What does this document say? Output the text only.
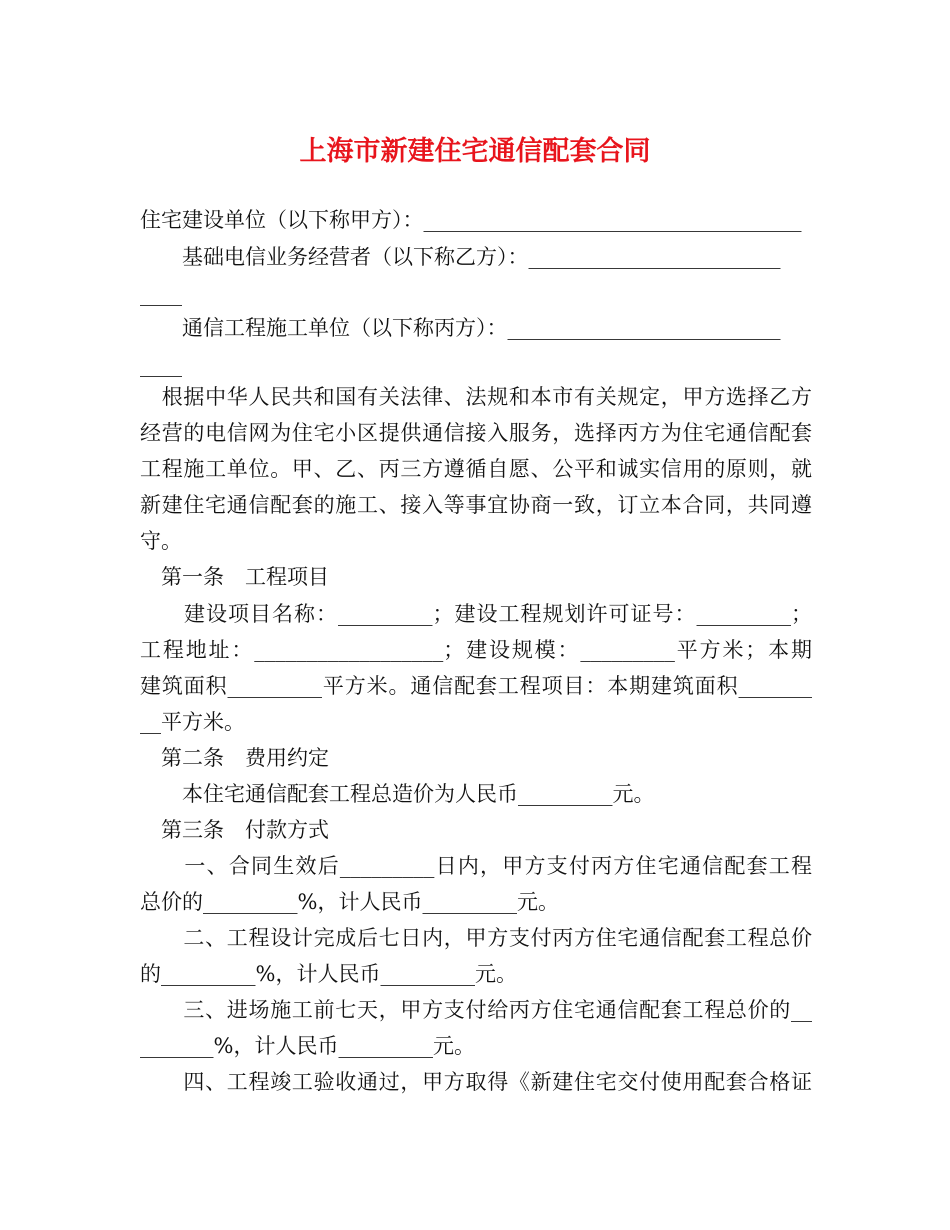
上海市新建住宅通信配套合同
住宅建设单位（以下称甲方）：____________________________________
　　基础电信业务经营者（以下称乙方）：________________________
____
　　通信工程施工单位（以下称丙方）：__________________________
____
　根据中华人民共和国有关法律、法规和本市有关规定，甲方选择乙方
经营的电信网为住宅小区提供通信接入服务，选择丙方为住宅通信配套
工程施工单位。甲、乙、丙三方遵循自愿、公平和诚实信用的原则，就
新建住宅通信配套的施工、接入等事宜协商一致，订立本合同，共同遵
守。
　第一条　工程项目
　　建设项目名称：_________；建设工程规划许可证号：_________；
工程地址：__________________；建设规模：_________平方米；本期
建筑面积_________平方米。通信配套工程项目：本期建筑面积_______
__平方米。
　第二条　费用约定
　　本住宅通信配套工程总造价为人民币_________元。
　第三条　付款方式
　　一、合同生效后_________日内，甲方支付丙方住宅通信配套工程
总价的_________%，计人民币_________元。
　　二、工程设计完成后七日内，甲方支付丙方住宅通信配套工程总价
的_________%，计人民币_________元。
　　三、进场施工前七天，甲方支付给丙方住宅通信配套工程总价的__
_______%，计人民币_________元。
　　四、工程竣工验收通过，甲方取得《新建住宅交付使用配套合格证
